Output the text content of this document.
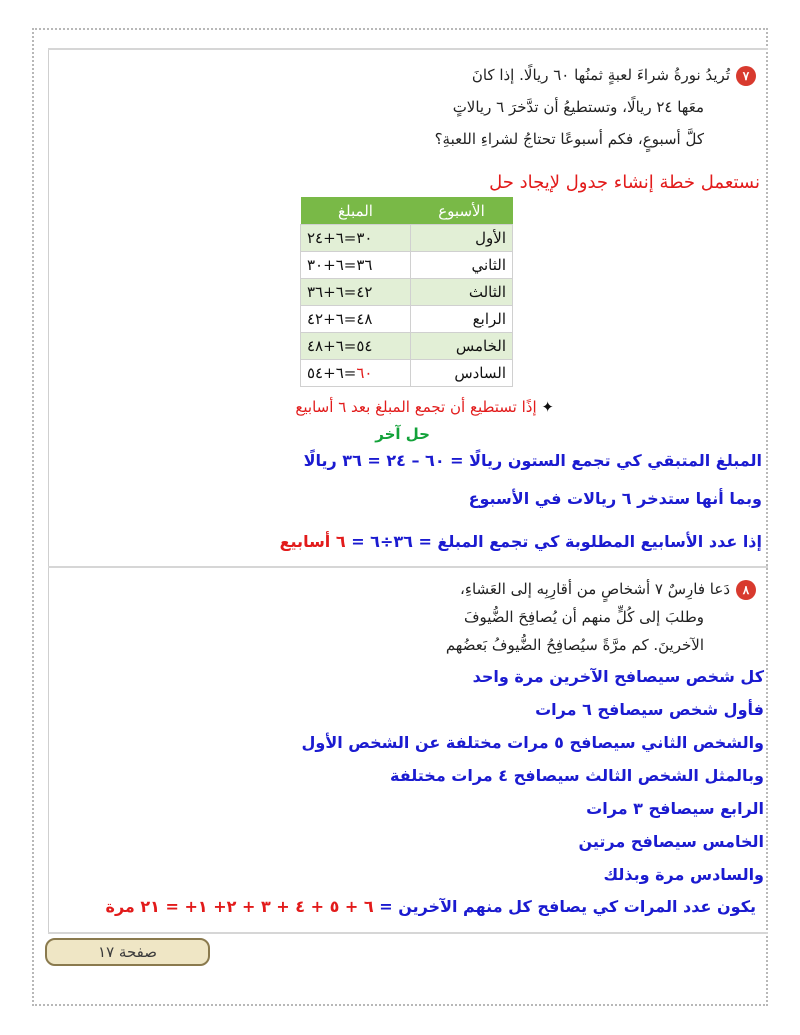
٧تُريدُ نورةُ شراءَ لعبةٍ ثمنُها ٦٠ ريالًا. إذا كانَ
معَها ٢٤ ريالًا، وتستطيعُ أن تدَّخرَ ٦ ريالاتٍ
كلَّ أسبوعٍ، فكم أسبوعًا تحتاجُ لشراءِ اللعبةِ؟
نستعمل خطة إنشاء جدول لإيجاد حل
الأسبوع	المبلغ
الأول	٣٠=٦+٢٤
الثاني	٣٦=٦+٣٠
الثالث	٤٢=٦+٣٦
الرابع	٤٨=٦+٤٢
الخامس	٥٤=٦+٤٨
السادس	٦٠=٦+٥٤
✦ إذًا تستطيع أن تجمع المبلغ بعد ٦ أسابيع
حل آخر
المبلغ المتبقي كي تجمع الستون ريالًا = ٦٠ – ٢٤ = ٣٦ ريالًا
وبما أنها ستدخر ٦ ريالات في الأسبوع
إذا عدد الأسابيع المطلوبة كي تجمع المبلغ = ٣٦÷٦ = ٦ أسابيع
٨دَعا فارِسٌ ٧ أشخاصٍ من أقارِبِه إلى العَشاءِ،
وطلبَ إلى كُلٍّ منهم أن يُصافِحَ الضُّيوفَ
الآخرينَ. كم مرَّةً سيُصافِحُ الضُّيوفُ بَعضُهم
كل شخص سيصافح الآخرين مرة واحد
فأول شخص سيصافح ٦ مرات
والشخص الثاني سيصافح ٥ مرات مختلفة عن الشخص الأول
وبالمثل الشخص الثالث سيصافح ٤ مرات مختلفة
الرابع سيصافح ٣ مرات
الخامس سيصافح مرتين
والسادس مرة وبذلك
يكون عدد المرات كي يصافح كل منهم الآخرين = ٦ + ٥ + ٤ + ٣ + ٢+ ١+ = ٢١ مرة
صفحة ١٧
